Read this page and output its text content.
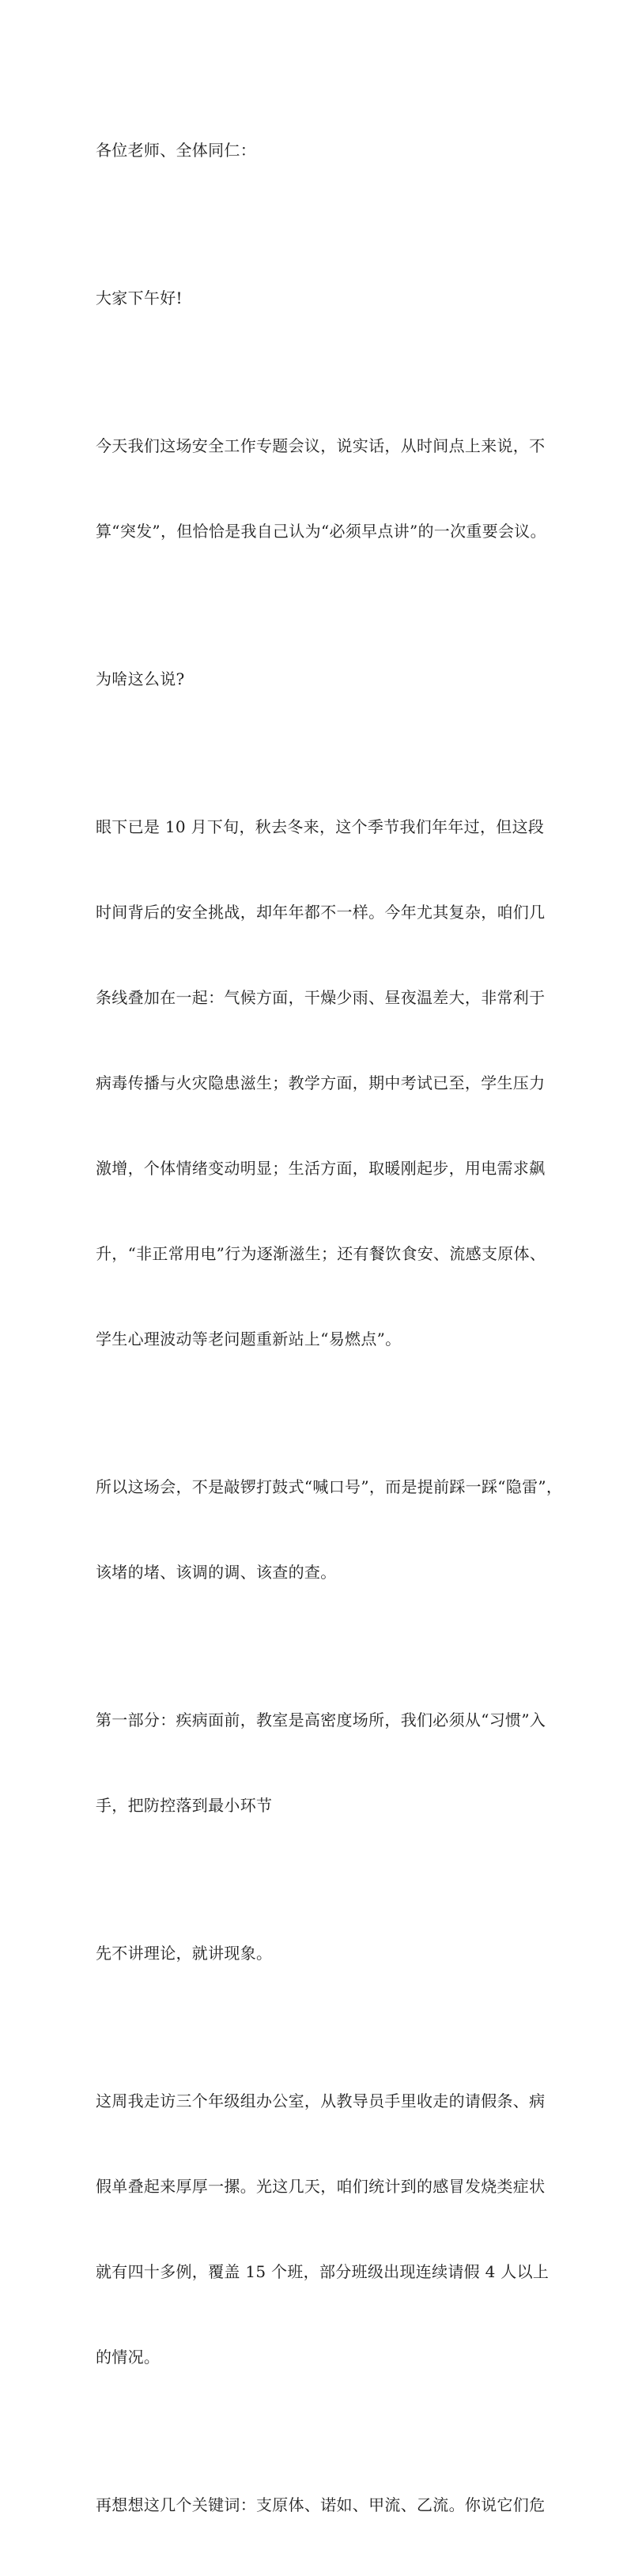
各位老师、全体同仁：

大家下午好!

今天我们这场安全工作专题会议，说实话，从时间点上来说，不

算“突发”，但恰恰是我自己认为“必须早点讲”的一次重要会议。

为啥这么说?

眼下已是 10 月下旬，秋去冬来，这个季节我们年年过，但这段

时间背后的安全挑战，却年年都不一样。今年尤其复杂，咱们几

条线叠加在一起：气候方面，干燥少雨、昼夜温差大，非常利于

病毒传播与火灾隐患滋生；教学方面，期中考试已至，学生压力

激增，个体情绪变动明显；生活方面，取暖刚起步，用电需求飙

升，“非正常用电”行为逐渐滋生；还有餐饮食安、流感支原体、

学生心理波动等老问题重新站上“易燃点”。

所以这场会，不是敲锣打鼓式“喊口号”，而是提前踩一踩“隐雷”，

该堵的堵、该调的调、该查的查。

第一部分：疾病面前，教室是高密度场所，我们必须从“习惯”入

手，把防控落到最小环节

先不讲理论，就讲现象。

这周我走访三个年级组办公室，从教导员手里收走的请假条、病

假单叠起来厚厚一摞。光这几天，咱们统计到的感冒发烧类症状

就有四十多例，覆盖 15 个班，部分班级出现连续请假 4 人以上

的情况。

再想想这几个关键词：支原体、诺如、甲流、乙流。你说它们危
